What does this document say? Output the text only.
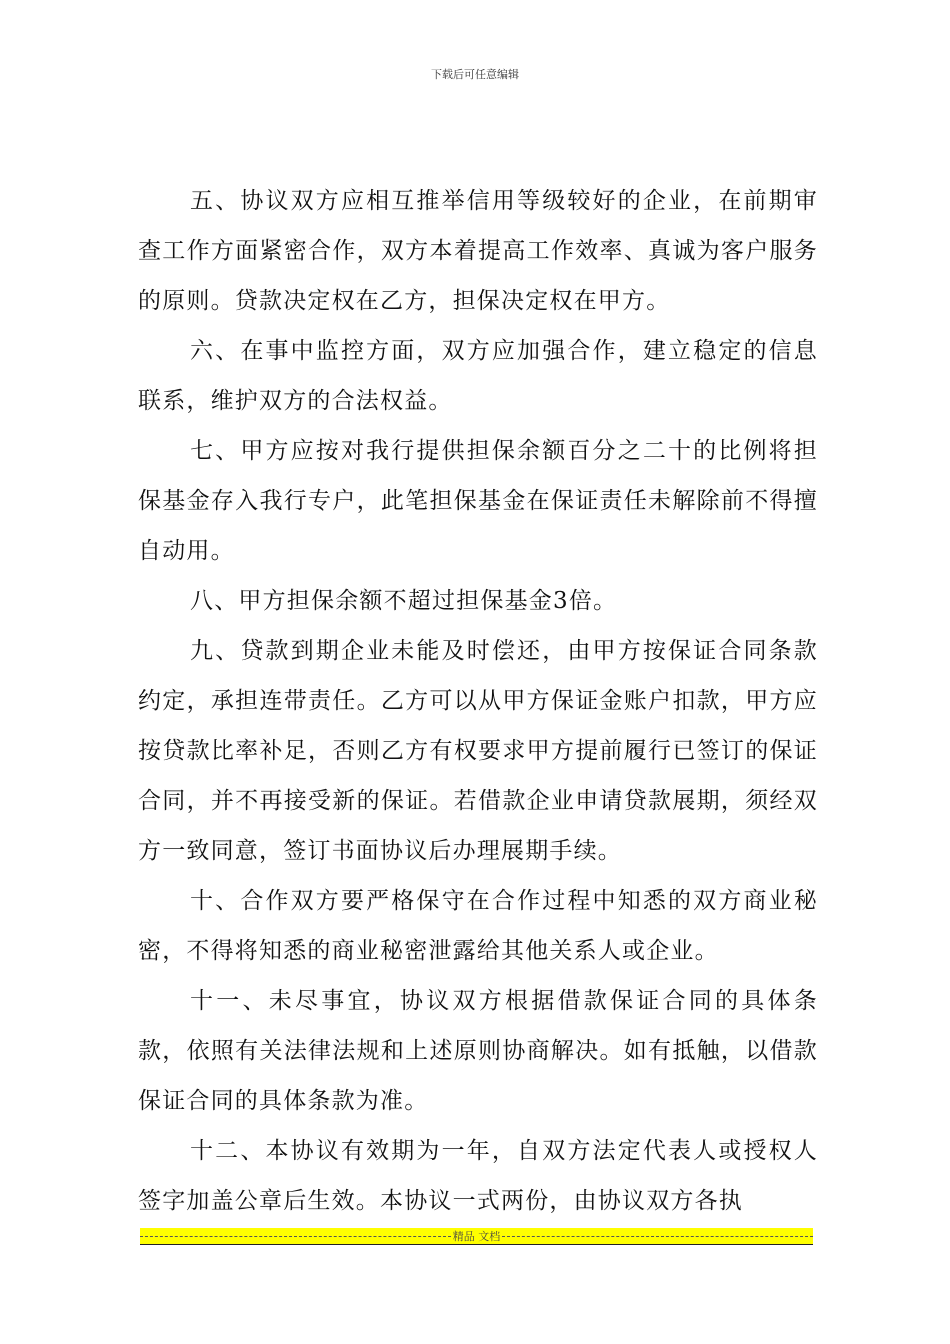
下载后可任意编辑

五、协议双方应相互推举信用等级较好的企业，在前期审查工作方面紧密合作，双方本着提高工作效率、真诚为客户服务的原则。贷款决定权在乙方，担保决定权在甲方。

六、在事中监控方面，双方应加强合作，建立稳定的信息联系，维护双方的合法权益。

七、甲方应按对我行提供担保余额百分之二十的比例将担保基金存入我行专户，此笔担保基金在保证责任未解除前不得擅自动用。

八、甲方担保余额不超过担保基金3倍。

九、贷款到期企业未能及时偿还，由甲方按保证合同条款约定，承担连带责任。乙方可以从甲方保证金账户扣款，甲方应按贷款比率补足，否则乙方有权要求甲方提前履行已签订的保证合同，并不再接受新的保证。若借款企业申请贷款展期，须经双方一致同意，签订书面协议后办理展期手续。

十、合作双方要严格保守在合作过程中知悉的双方商业秘密，不得将知悉的商业秘密泄露给其他关系人或企业。

十一、未尽事宜，协议双方根据借款保证合同的具体条款，依照有关法律法规和上述原则协商解决。如有抵触，以借款保证合同的具体条款为准。

十二、本协议有效期为一年，自双方法定代表人或授权人签字加盖公章后生效。本协议一式两份，由协议双方各执

精品 文档
